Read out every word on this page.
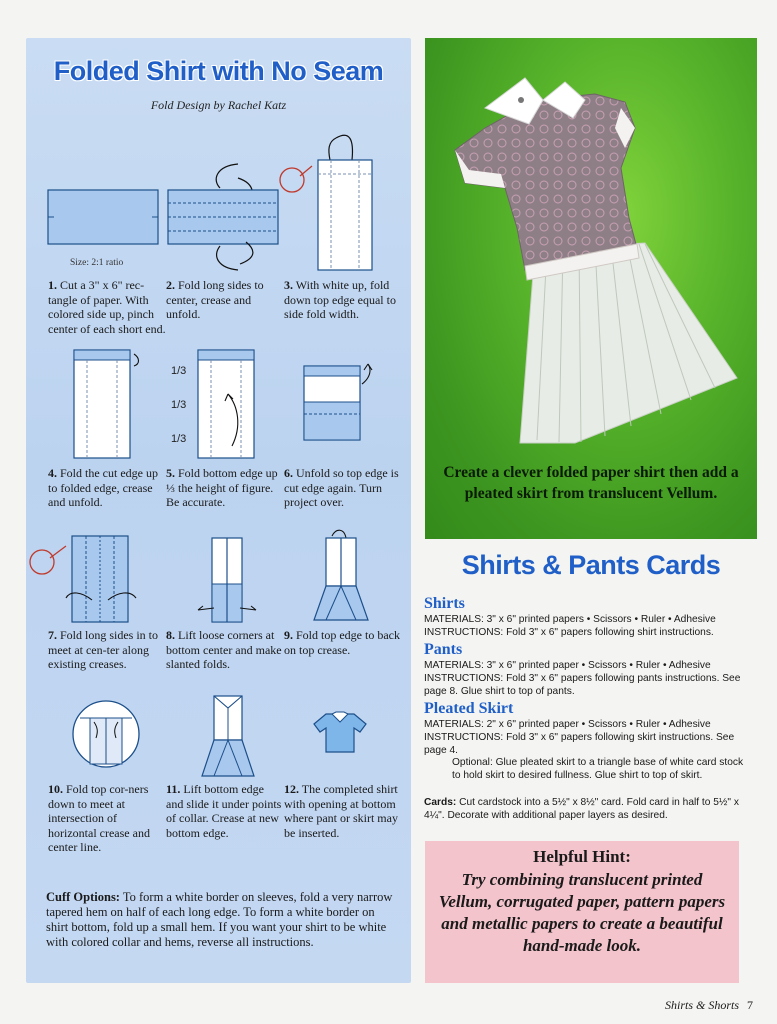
Folded Shirt with No Seam
Fold Design by Rachel Katz
Size: 2:1 ratio
1. Cut a 3" x 6" rec-tangle of paper. With colored side up, pinch center of each short end.
2. Fold long sides to center, crease and unfold.
3. With white up, fold down top edge equal to side fold width.
1/3
1/3
1/3
4. Fold the cut edge up to folded edge, crease and unfold.
5. Fold bottom edge up ⅓ the height of figure. Be accurate.
6. Unfold so top edge is cut edge again. Turn project over.
7. Fold long sides in to meet at cen-ter along existing creases.
8. Lift loose corners at bottom center and make slanted folds.
9. Fold top edge to back on top crease.
10. Fold top cor-ners down to meet at intersection of horizontal crease and center line.
11. Lift bottom edge and slide it under points of collar. Crease at new bottom edge.
12. The completed shirt with opening at bottom where pant or skirt may be inserted.
Cuff Options: To form a white border on sleeves, fold a very narrow tapered hem on half of each long edge. To form a white border on shirt bottom, fold up a small hem. If you want your shirt to be white with colored collar and hems, reverse all instructions.
Create a clever folded paper shirt then add a pleated skirt from translucent Vellum.
Shirts & Pants Cards
Shirts
MATERIALS: 3" x 6" printed papers • Scissors • Ruler • Adhesive
INSTRUCTIONS: Fold 3" x 6" papers following shirt instructions.
Pants
MATERIALS: 3" x 6" printed paper • Scissors • Ruler • Adhesive
INSTRUCTIONS: Fold 3" x 6" papers following pants instructions. See page 8. Glue shirt to top of pants.
Pleated Skirt
MATERIALS: 2" x 6" printed paper • Scissors • Ruler • Adhesive
INSTRUCTIONS: Fold 3" x 6" papers following skirt instructions. See page 4.
Optional: Glue pleated skirt to a triangle base of white card stock to hold skirt to desired fullness. Glue shirt to top of skirt.
Cards: Cut cardstock into a 5½" x 8½" card. Fold card in half to 5½" x 4¼". Decorate with additional paper layers as desired.
Helpful Hint:
Try combining translucent printed Vellum, corrugated paper, pattern papers and metallic papers to create a beautiful hand-made look.
Shirts & Shorts 7
